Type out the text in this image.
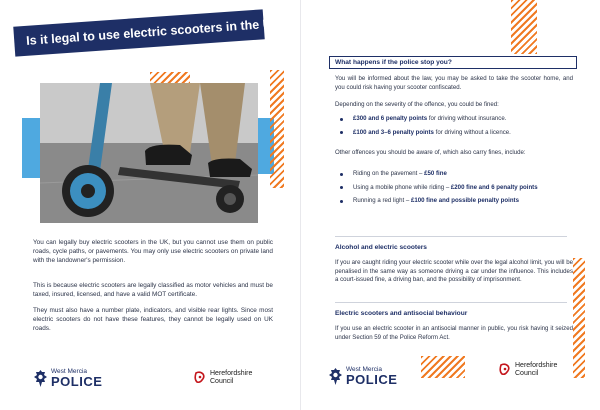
Is it legal to use electric scooters in the UK?

You can legally buy electric scooters in the UK, but you cannot use them on public roads, cycle paths, or pavements. You may only use electric scooters on private land with the landowner's permission.

This is because electric scooters are legally classified as motor vehicles and must be taxed, insured, licensed, and have a valid MOT certificate.

They must also have a number plate, indicators, and visible rear lights. Since most electric scooters do not have these features, they cannot be legally used on UK roads.

West Mercia
POLICE
Herefordshire
Council
What happens if the police stop you?

You will be informed about the law, you may be asked to take the scooter home, and you could risk having your scooter confiscated.

Depending on the severity of the offence, you could be fined:

£300 and 6 penalty points for driving without insurance.
£100 and 3–6 penalty points for driving without a licence.

Other offences you should be aware of, which also carry fines, include:

Riding on the pavement – £50 fine
Using a mobile phone while riding – £200 fine and 6 penalty points
Running a red light – £100 fine and possible penalty points
Alcohol and electric scooters

If you are caught riding your electric scooter while over the legal alcohol limit, you will be penalised in the same way as someone driving a car under the influence. This includes a court-issued fine, a driving ban, and the possibility of imprisonment.

Electric scooters and antisocial behaviour

If you use an electric scooter in an antisocial manner in public, you risk having it seized under Section 59 of the Police Reform Act.

West Mercia
POLICE
Herefordshire
Council
